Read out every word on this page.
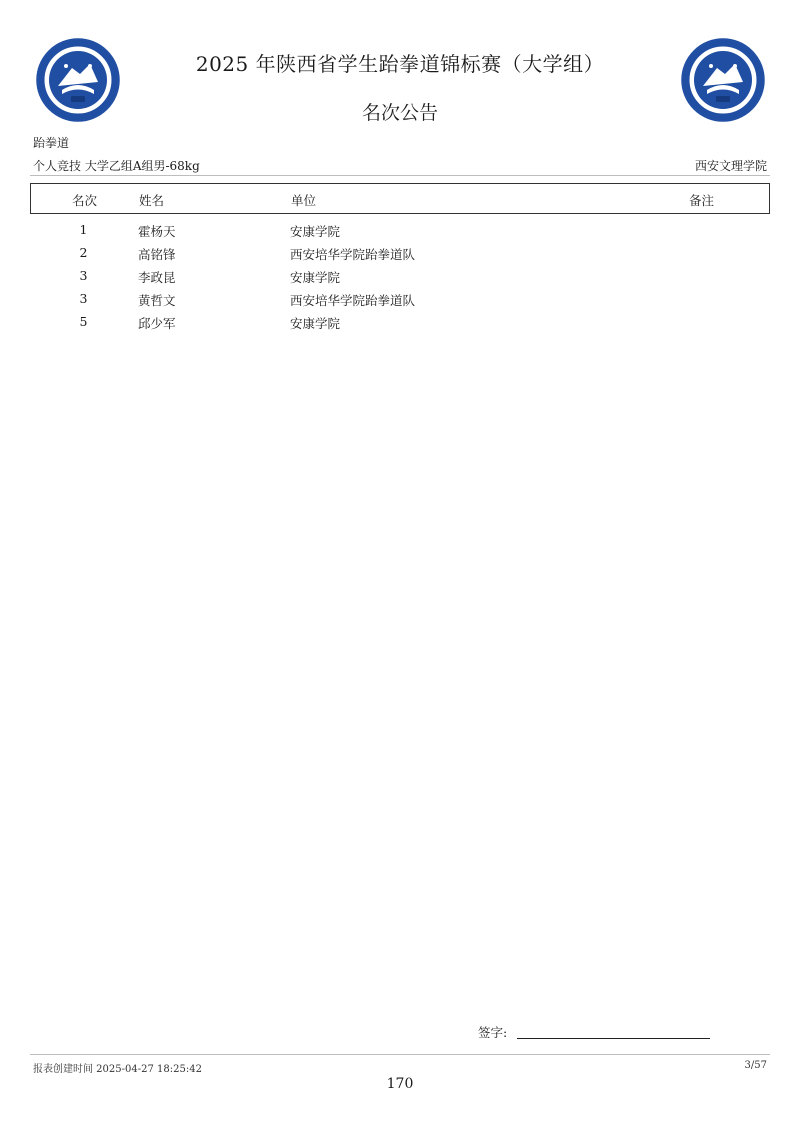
2025 年陕西省学生跆拳道锦标赛（大学组）
名次公告
跆拳道
个人竞技 大学乙组A组男-68kg	西安文理学院
名次	姓名	单位	备注
1	霍杨天	安康学院
2	高铭锋	西安培华学院跆拳道队
3	李政昆	安康学院
3	黄哲文	西安培华学院跆拳道队
5	邱少军	安康学院
签字:
报表创建时间 2025-04-27 18:25:42	3/57
170
